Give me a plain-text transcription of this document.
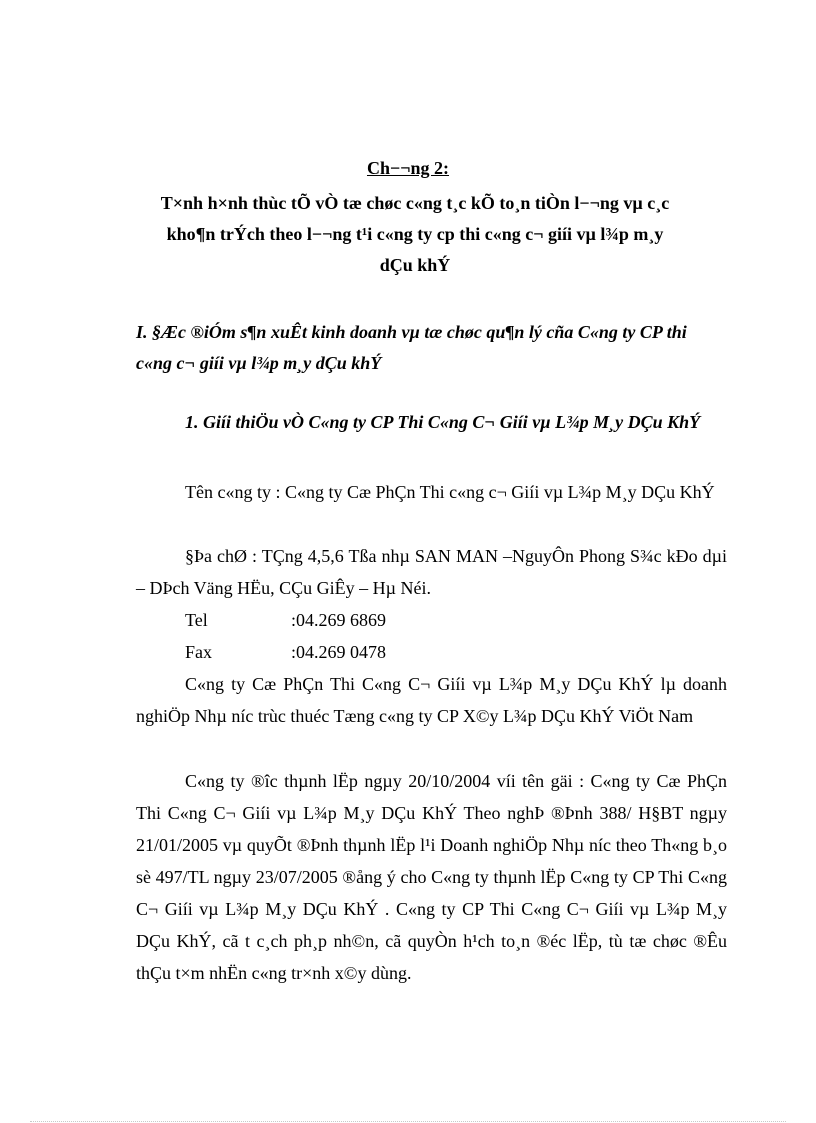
Ch−¬ng 2:
T×nh h×nh thùc tÕ vÒ tæ chøc c«ng t¸c kÕ to¸n tiÒn l−¬ng vµ c¸c kho¶n trÝch theo l−¬ng t¹i c«ng ty cp thi c«ng c¬ giíi vµ l¾p m¸y dÇu khÝ
I. §Æc ®iÓm s¶n xuÊt kinh doanh vµ tæ chøc qu¶n lý cña C«ng ty CP thi c«ng c¬ giíi vµ l¾p m¸y dÇu khÝ
1. Giíi thiÖu vÒ C«ng ty CP Thi C«ng C¬ Giíi vµ L¾p M¸y DÇu KhÝ
Tên c«ng ty : C«ng ty Cæ PhÇn Thi c«ng c¬ Giíi vµ L¾p M¸y DÇu KhÝ
§Þa chØ : TÇng 4,5,6 Tßa nhµ SAN MAN –NguyÔn Phong S¾c kÐo dµi – DÞch Väng HËu, CÇu GiÊy – Hµ Néi.
Tel	:04.269 6869
Fax	:04.269 0478
C«ng ty Cæ PhÇn Thi C«ng C¬ Giíi vµ L¾p M¸y DÇu KhÝ lµ doanh nghiÖp Nhµ níc trùc thuéc Tæng c«ng ty CP X©y L¾p DÇu KhÝ ViÖt Nam
C«ng ty ®îc thµnh lËp ngµy 20/10/2004 víi tên gäi : C«ng ty Cæ PhÇn Thi C«ng C¬ Giíi vµ L¾p M¸y DÇu KhÝ Theo nghÞ ®Þnh 388/ H§BT ngµy 21/01/2005 vµ quyÕt ®Þnh thµnh lËp l¹i Doanh nghiÖp Nhµ níc theo Th«ng b¸o sè 497/TL ngµy 23/07/2005 ®ång ý cho C«ng ty thµnh lËp C«ng ty CP Thi C«ng C¬ Giíi vµ L¾p M¸y DÇu KhÝ . C«ng ty CP Thi C«ng C¬ Giíi vµ L¾p M¸y DÇu KhÝ, cã t c¸ch ph¸p nh©n, cã quyÒn h¹ch to¸n ®éc lËp, tù tæ chøc ®Êu thÇu t×m nhËn c«ng tr×nh x©y dùng.
